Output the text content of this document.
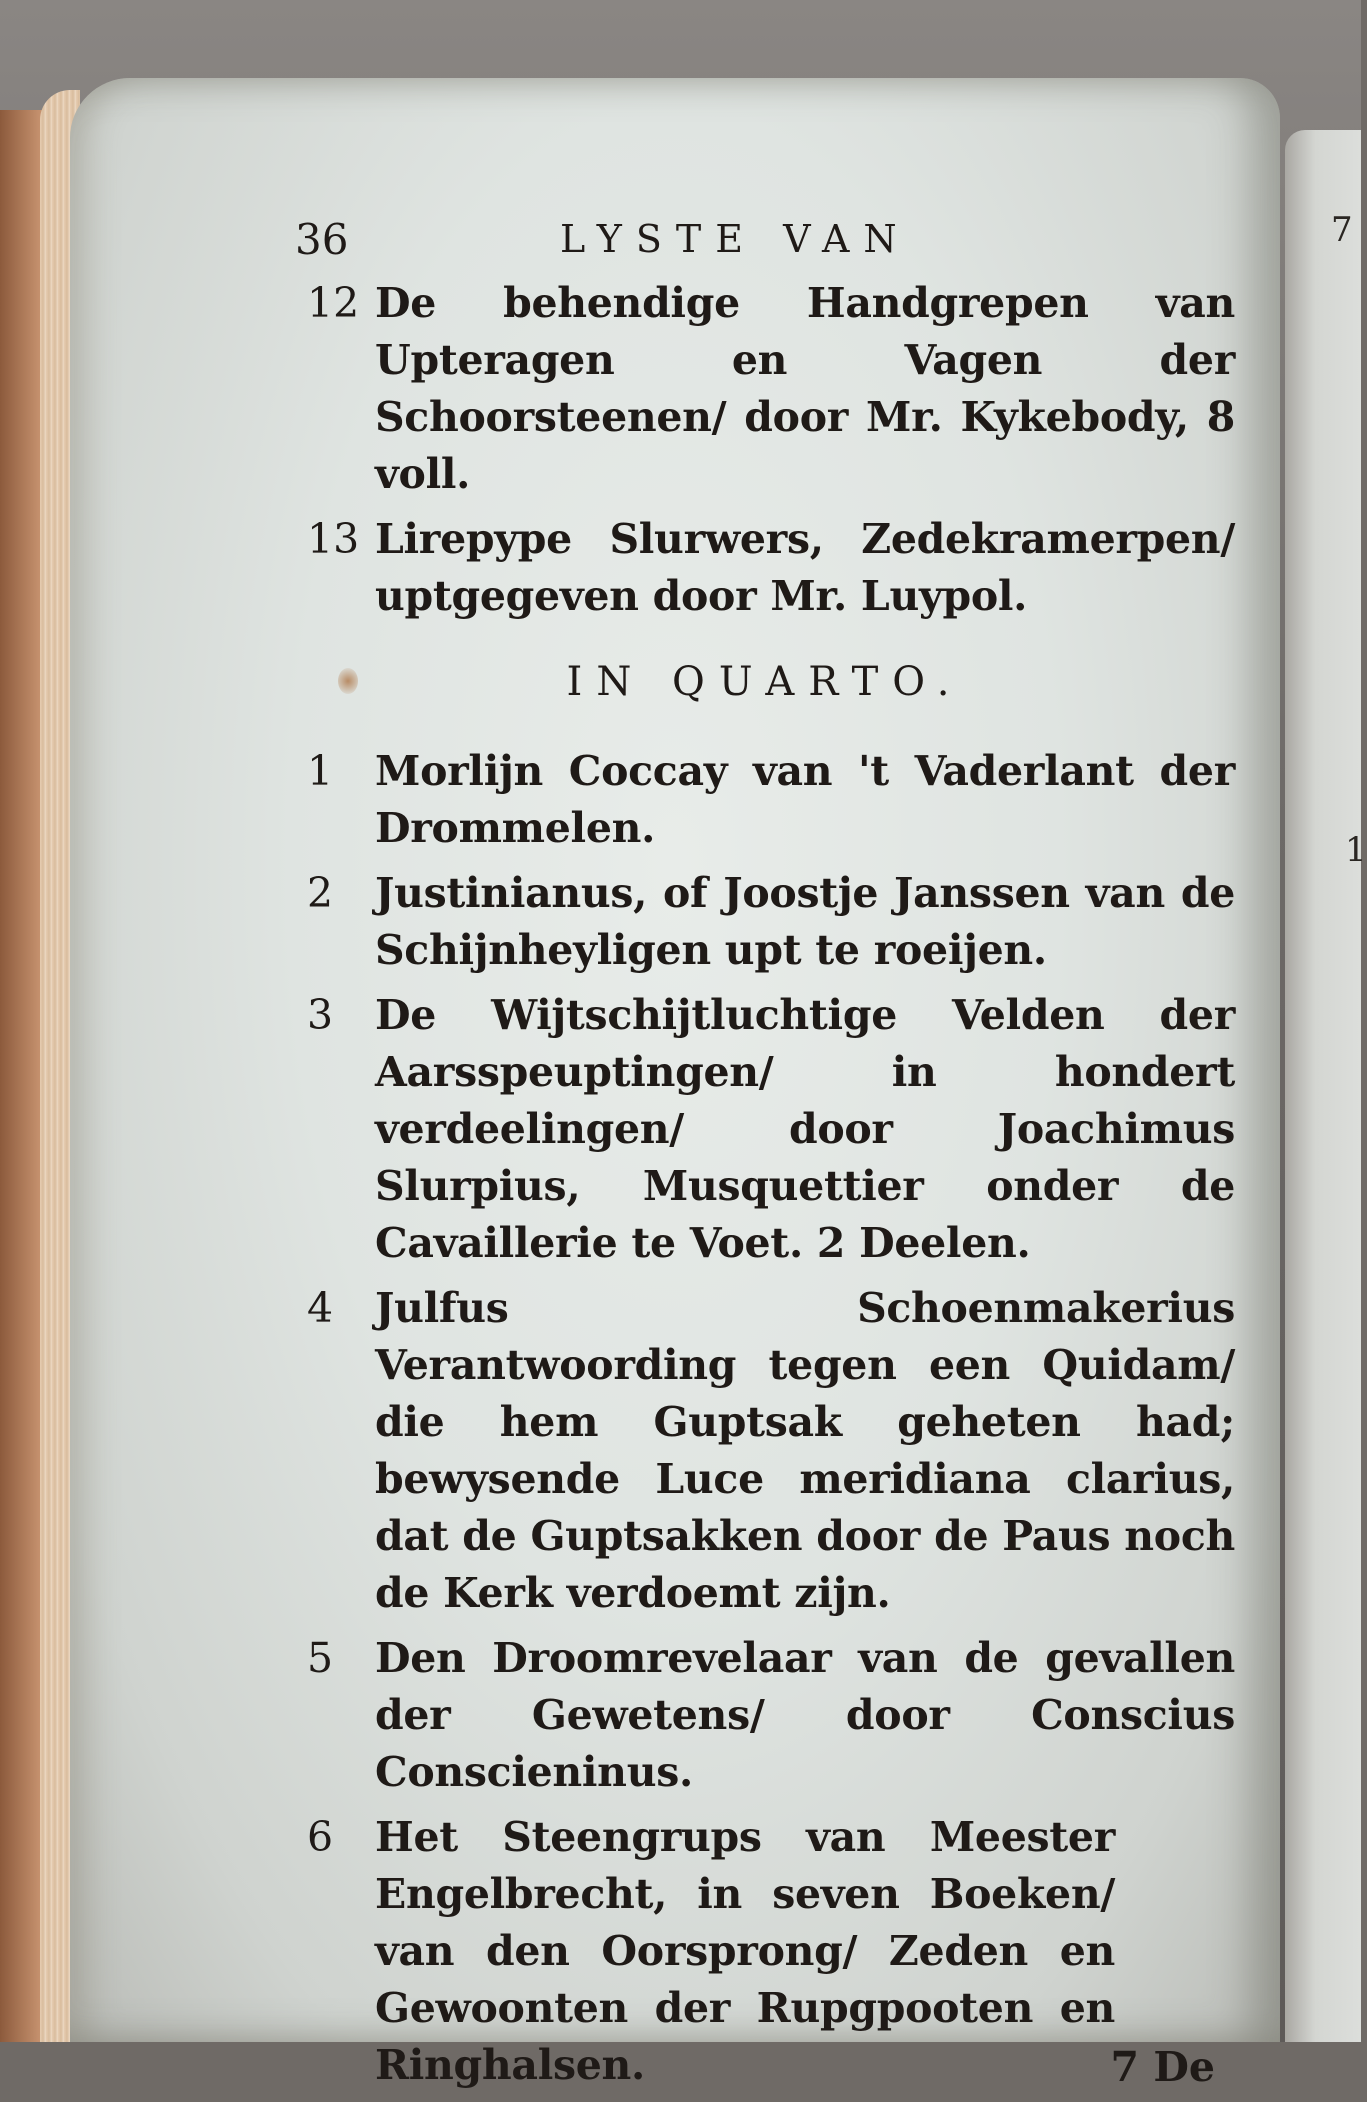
7
1
36	LYSTE VAN
12 De behendige Handgrepen van Upteragen en Vagen der Schoorsteenen/ door Mr. Kykebody, 8 voll.
13 Lirepype Slurwers, Zedekramerpen/ uptgegeven door Mr. Luypol.
IN QUARTO.
1 Morlijn Coccay van 't Vaderlant der Drommelen.
2 Justinianus, of Joostje Janssen van de Schijnheyligen upt te roeijen.
3 De Wijtschijtluchtige Velden der Aarsspeuptingen/ in hondert verdeelingen/ door Joachimus Slurpius, Musquettier onder de Cavaillerie te Voet. 2 Deelen.
4 Julfus Schoenmakerius Verantwoording tegen een Quidam/ die hem Guptsak geheten had; bewysende Luce meridiana clarius, dat de Guptsakken door de Paus noch de Kerk verdoemt zijn.
5 Den Droomrevelaar van de gevallen der Gewetens/ door Conscius Conscieninus.
6 Het Steengrups van Meester Engelbrecht, in seven Boeken/ van den Oorsprong/ Zeden en Gewoonten der Rupgpooten en Ringhalsen.	7 De
